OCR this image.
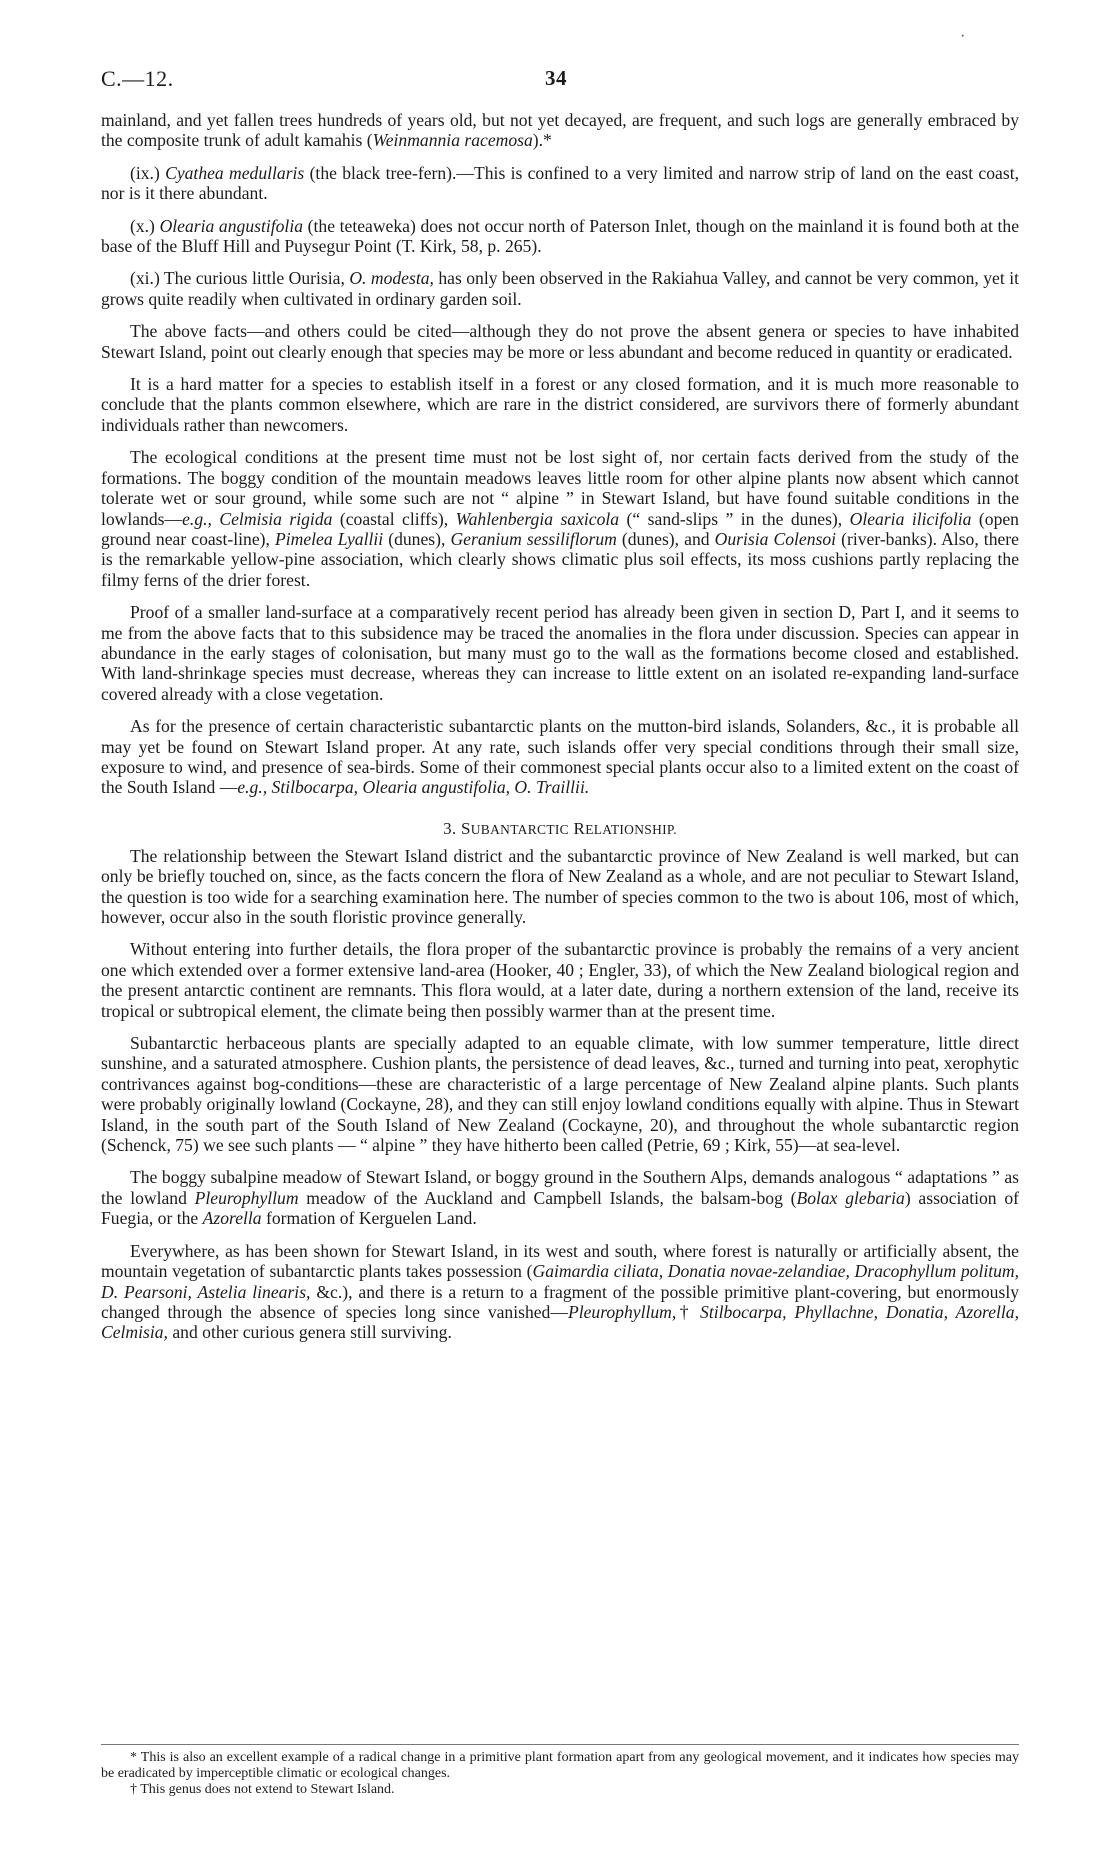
·
C.—12.	34

mainland, and yet fallen trees hundreds of years old, but not yet decayed, are frequent, and such logs are generally embraced by the composite trunk of adult kamahis (Weinmannia racemosa).*

(ix.) Cyathea medullaris (the black tree-fern).—This is confined to a very limited and narrow strip of land on the east coast, nor is it there abundant.

(x.) Olearia angustifolia (the teteaweka) does not occur north of Paterson Inlet, though on the mainland it is found both at the base of the Bluff Hill and Puysegur Point (T. Kirk, 58, p. 265).

(xi.) The curious little Ourisia, O. modesta, has only been observed in the Rakiahua Valley, and cannot be very common, yet it grows quite readily when cultivated in ordinary garden soil.

The above facts—and others could be cited—although they do not prove the absent genera or species to have inhabited Stewart Island, point out clearly enough that species may be more or less abundant and become reduced in quantity or eradicated.

It is a hard matter for a species to establish itself in a forest or any closed formation, and it is much more reasonable to conclude that the plants common elsewhere, which are rare in the district considered, are survivors there of formerly abundant individuals rather than newcomers.

The ecological conditions at the present time must not be lost sight of, nor certain facts derived from the study of the formations. The boggy condition of the mountain meadows leaves little room for other alpine plants now absent which cannot tolerate wet or sour ground, while some such are not “ alpine ” in Stewart Island, but have found suitable conditions in the lowlands—e.g., Celmisia rigida (coastal cliffs), Wahlenbergia saxicola (“ sand-slips ” in the dunes), Olearia ilicifolia (open ground near coast-line), Pimelea Lyallii (dunes), Geranium sessiliflorum (dunes), and Ourisia Colensoi (river-banks). Also, there is the remarkable yellow-pine association, which clearly shows climatic plus soil effects, its moss cushions partly replacing the filmy ferns of the drier forest.

Proof of a smaller land-surface at a comparatively recent period has already been given in section D, Part I, and it seems to me from the above facts that to this subsidence may be traced the anomalies in the flora under discussion. Species can appear in abundance in the early stages of colonisation, but many must go to the wall as the formations become closed and established. With land-shrinkage species must decrease, whereas they can increase to little extent on an isolated re-expanding land-surface covered already with a close vegetation.

As for the presence of certain characteristic subantarctic plants on the mutton-bird islands, Solanders, &c., it is probable all may yet be found on Stewart Island proper. At any rate, such islands offer very special conditions through their small size, exposure to wind, and presence of sea-birds. Some of their commonest special plants occur also to a limited extent on the coast of the South Island —e.g., Stilbocarpa, Olearia angustifolia, O. Traillii.

3. SUBANTARCTIC RELATIONSHIP.

The relationship between the Stewart Island district and the subantarctic province of New Zealand is well marked, but can only be briefly touched on, since, as the facts concern the flora of New Zealand as a whole, and are not peculiar to Stewart Island, the question is too wide for a searching examination here. The number of species common to the two is about 106, most of which, however, occur also in the south floristic province generally.

Without entering into further details, the flora proper of the subantarctic province is probably the remains of a very ancient one which extended over a former extensive land-area (Hooker, 40 ; Engler, 33), of which the New Zealand biological region and the present antarctic continent are remnants. This flora would, at a later date, during a northern extension of the land, receive its tropical or subtropical element, the climate being then possibly warmer than at the present time.

Subantarctic herbaceous plants are specially adapted to an equable climate, with low summer temperature, little direct sunshine, and a saturated atmosphere. Cushion plants, the persistence of dead leaves, &c., turned and turning into peat, xerophytic contrivances against bog-conditions—these are characteristic of a large percentage of New Zealand alpine plants. Such plants were probably originally lowland (Cockayne, 28), and they can still enjoy lowland conditions equally with alpine. Thus in Stewart Island, in the south part of the South Island of New Zealand (Cockayne, 20), and throughout the whole subantarctic region (Schenck, 75) we see such plants — “ alpine ” they have hitherto been called (Petrie, 69 ; Kirk, 55)—at sea-level.

The boggy subalpine meadow of Stewart Island, or boggy ground in the Southern Alps, demands analogous “ adaptations ” as the lowland Pleurophyllum meadow of the Auckland and Campbell Islands, the balsam-bog (Bolax glebaria) association of Fuegia, or the Azorella formation of Kerguelen Land.

Everywhere, as has been shown for Stewart Island, in its west and south, where forest is naturally or artificially absent, the mountain vegetation of subantarctic plants takes possession (Gaimardia ciliata, Donatia novae-zelandiae, Dracophyllum politum, D. Pearsoni, Astelia linearis, &c.), and there is a return to a fragment of the possible primitive plant-covering, but enormously changed through the absence of species long since vanished—Pleurophyllum,† Stilbocarpa, Phyllachne, Donatia, Azorella, Celmisia, and other curious genera still surviving.

* This is also an excellent example of a radical change in a primitive plant formation apart from any geological movement, and it indicates how species may be eradicated by imperceptible climatic or ecological changes.

† This genus does not extend to Stewart Island.
